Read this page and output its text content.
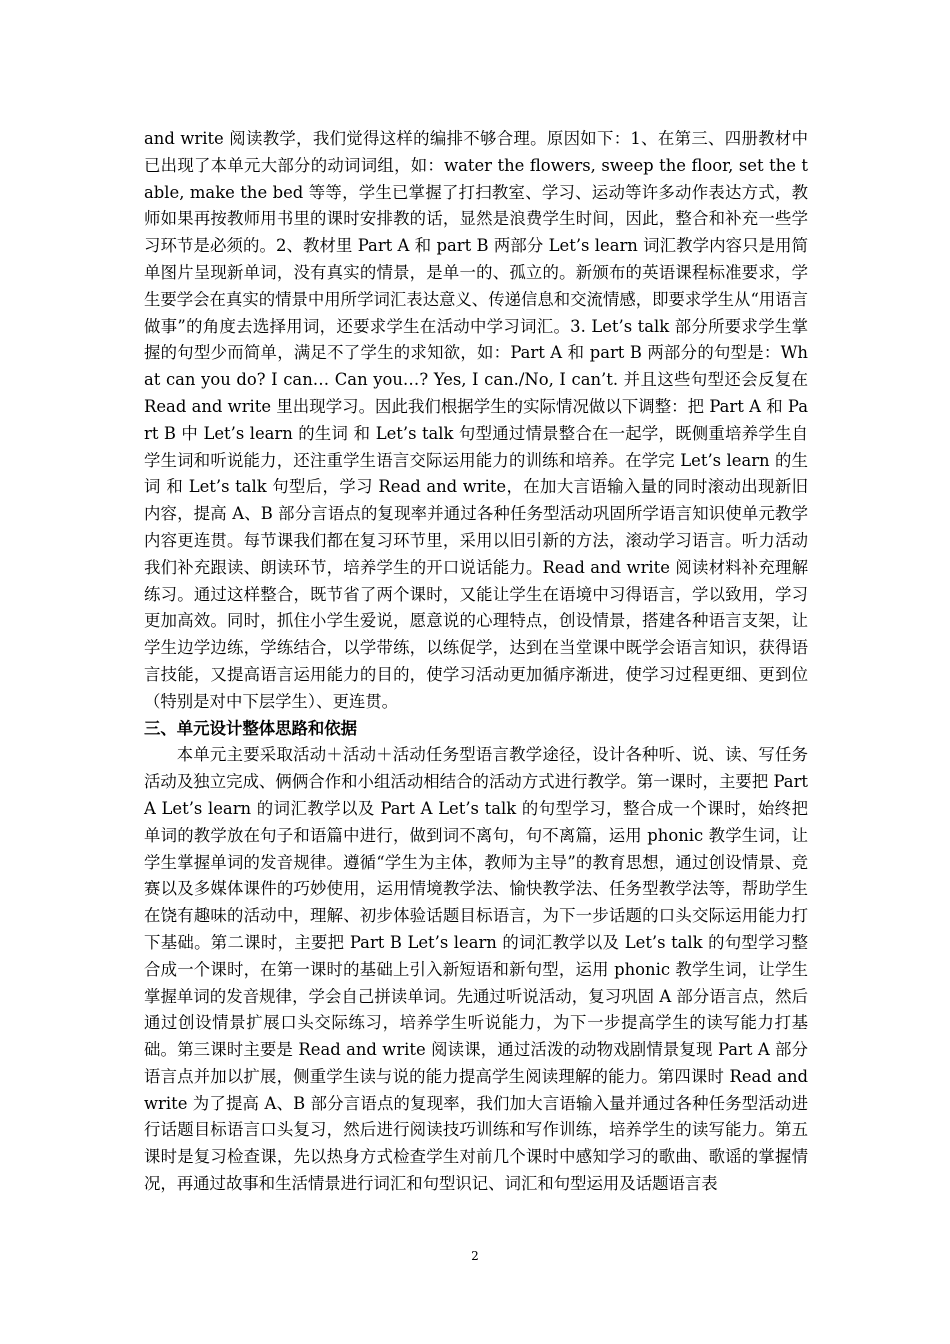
and write 阅读教学，我们觉得这样的编排不够合理。原因如下：1、在第三、四册教材中已出现了本单元大部分的动词词组，如：water the flowers, sweep the floor, set the table, make the bed 等等，学生已掌握了打扫教室、学习、运动等许多动作表达方式，教师如果再按教师用书里的课时安排教的话，显然是浪费学生时间，因此，整合和补充一些学习环节是必须的。2、教材里 Part A 和 part B 两部分 Let’s learn 词汇教学内容只是用简单图片呈现新单词，没有真实的情景，是单一的、孤立的。新颁布的英语课程标准要求，学生要学会在真实的情景中用所学词汇表达意义、传递信息和交流情感，即要求学生从“用语言做事”的角度去选择用词，还要求学生在活动中学习词汇。3. Let’s talk 部分所要求学生掌握的句型少而简单，满足不了学生的求知欲，如：Part A 和 part B 两部分的句型是：What can you do? I can… Can you…? Yes, I can./No, I can’t. 并且这些句型还会反复在 Read and write 里出现学习。因此我们根据学生的实际情况做以下调整：把 Part A 和 Part B 中 Let’s learn 的生词 和 Let’s talk 句型通过情景整合在一起学，既侧重培养学生自学生词和听说能力，还注重学生语言交际运用能力的训练和培养。在学完 Let’s learn 的生词 和 Let’s talk 句型后，学习 Read and write，在加大言语输入量的同时滚动出现新旧内容，提高 A、B 部分言语点的复现率并通过各种任务型活动巩固所学语言知识使单元教学内容更连贯。每节课我们都在复习环节里，采用以旧引新的方法，滚动学习语言。听力活动我们补充跟读、朗读环节，培养学生的开口说话能力。Read and write 阅读材料补充理解练习。通过这样整合，既节省了两个课时，又能让学生在语境中习得语言，学以致用，学习更加高效。同时，抓住小学生爱说，愿意说的心理特点，创设情景，搭建各种语言支架，让学生边学边练，学练结合，以学带练，以练促学，达到在当堂课中既学会语言知识，获得语言技能，又提高语言运用能力的目的，使学习活动更加循序渐进，使学习过程更细、更到位（特别是对中下层学生）、更连贯。

三、单元设计整体思路和依据

本单元主要采取活动＋活动＋活动任务型语言教学途径，设计各种听、说、读、写任务活动及独立完成、俩俩合作和小组活动相结合的活动方式进行教学。第一课时，主要把 Part A Let’s learn 的词汇教学以及 Part A Let’s talk 的句型学习，整合成一个课时，始终把单词的教学放在句子和语篇中进行，做到词不离句，句不离篇，运用 phonic 教学生词，让学生掌握单词的发音规律。遵循“学生为主体，教师为主导”的教育思想，通过创设情景、竞赛以及多媒体课件的巧妙使用，运用情境教学法、愉快教学法、任务型教学法等，帮助学生在饶有趣味的活动中，理解、初步体验话题目标语言，为下一步话题的口头交际运用能力打下基础。第二课时，主要把 Part B Let’s learn 的词汇教学以及 Let’s talk 的句型学习整合成一个课时，在第一课时的基础上引入新短语和新句型，运用 phonic 教学生词，让学生掌握单词的发音规律，学会自己拼读单词。先通过听说活动，复习巩固 A 部分语言点，然后通过创设情景扩展口头交际练习，培养学生听说能力，为下一步提高学生的读写能力打基础。第三课时主要是 Read and write 阅读课，通过活泼的动物戏剧情景复现 Part A 部分语言点并加以扩展，侧重学生读与说的能力提高学生阅读理解的能力。第四课时 Read and write 为了提高 A、B 部分言语点的复现率，我们加大言语输入量并通过各种任务型活动进行话题目标语言口头复习，然后进行阅读技巧训练和写作训练，培养学生的读写能力。第五课时是复习检查课，先以热身方式检查学生对前几个课时中感知学习的歌曲、歌谣的掌握情况，再通过故事和生活情景进行词汇和句型识记、词汇和句型运用及话题语言表

2
